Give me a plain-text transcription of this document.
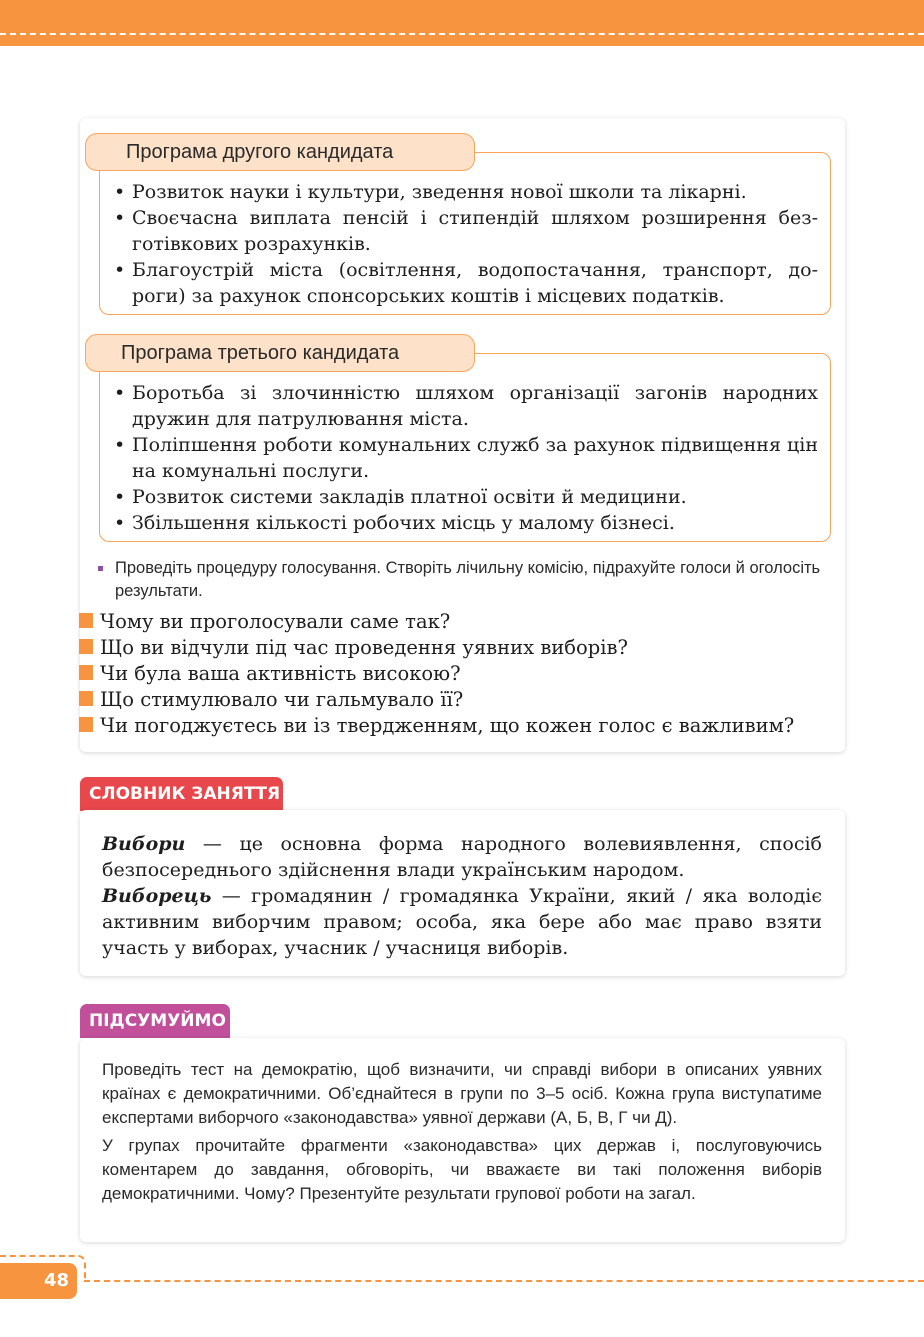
Програма другого кандидата
• Розвиток науки і культури, зведення нової школи та лікарні.
• Своєчасна виплата пенсій і стипендій шляхом розширення без-готівкових розрахунків.
• Благоустрій міста (освітлення, водопостачання, транспорт, до-роги) за рахунок спонсорських коштів і місцевих податків.
Програма третього кандидата
• Боротьба зі злочинністю шляхом організації загонів народних дружин для патрулювання міста.
• Поліпшення роботи комунальних служб за рахунок підвищення цін на комунальні послуги.
• Розвиток системи закладів платної освіти й медицини.
• Збільшення кількості робочих місць у малому бізнесі.
Проведіть процедуру голосування. Створіть лічильну комісію, підрахуйте голоси й оголосіть результати.
Чому ви проголосували саме так?
Що ви відчули під час проведення уявних виборів?
Чи була ваша активність високою?
Що стимулювало чи гальмувало її?
Чи погоджуєтесь ви із твердженням, що кожен голос є важливим?
СЛОВНИК ЗАНЯТТЯ
Вибори — це основна форма народного волевиявлення, спосіб безпосереднього здійснення влади українським народом.
Виборець — громадянин / громадянка України, який / яка володіє активним виборчим правом; особа, яка бере або має право взяти участь у виборах, учасник / учасниця виборів.
ПІДСУМУЙМО

Проведіть тест на демократію, щоб визначити, чи справді вибори в описаних уявних країнах є демократичними. Об’єднайтеся в групи по 3–5 осіб. Кожна група виступатиме експертами виборчого «законодавства» уявної держави (А, Б, В, Г чи Д).

У групах прочитайте фрагменти «законодавства» цих держав і, послуговуючись коментарем до завдання, обговоріть, чи вважаєте ви такі положення виборів демократичними. Чому? Презентуйте результати групової роботи на загал.

48
